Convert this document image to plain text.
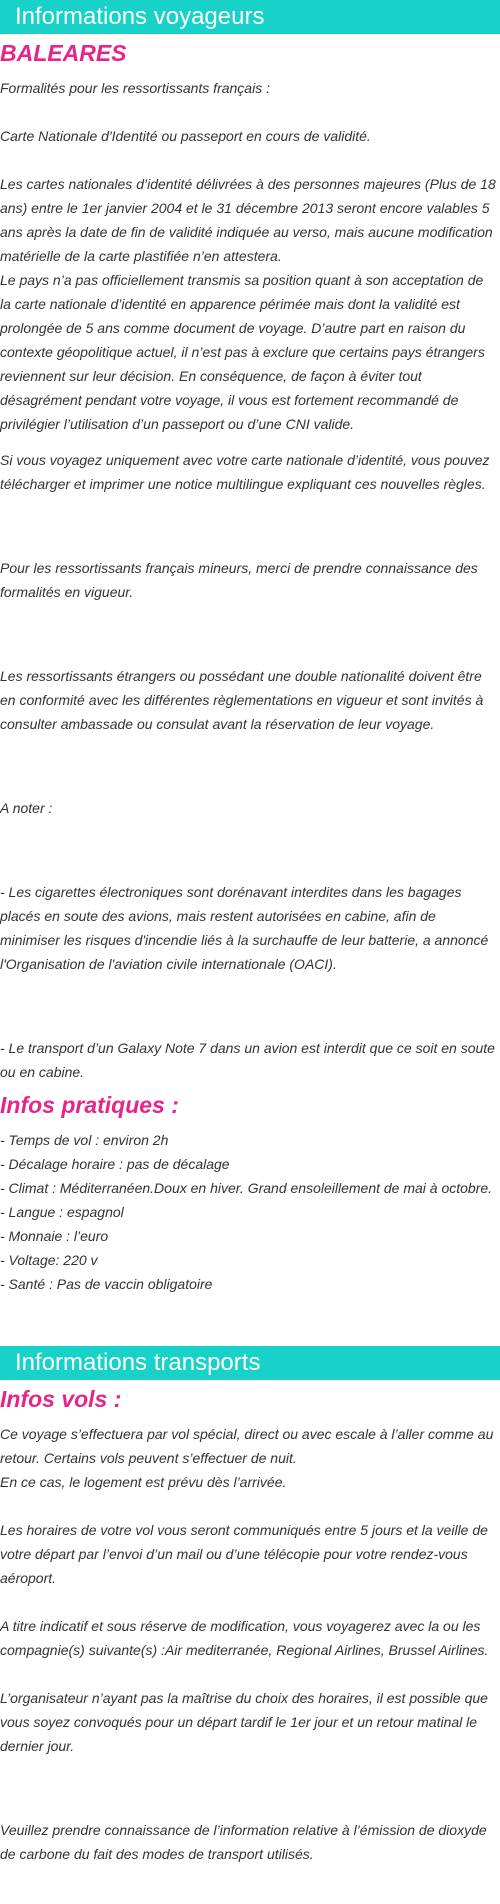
Informations voyageurs
BALEARES

Formalités pour les ressortissants français :

Carte Nationale d'Identité ou passeport en cours de validité.

Les cartes nationales d’identité délivrées à des personnes majeures (Plus de 18 ans) entre le 1er janvier 2004 et le 31 décembre 2013 seront encore valables 5 ans après la date de fin de validité indiquée au verso, mais aucune modification matérielle de la carte plastifiée n’en attestera.

Le pays n’a pas officiellement transmis sa position quant à son acceptation de la carte nationale d’identité en apparence périmée mais dont la validité est prolongée de 5 ans comme document de voyage. D’autre part en raison du contexte géopolitique actuel, il n’est pas à exclure que certains pays étrangers reviennent sur leur décision. En conséquence, de façon à éviter tout désagrément pendant votre voyage, il vous est fortement recommandé de privilégier l’utilisation d’un passeport ou d’une CNI valide.

Si vous voyagez uniquement avec votre carte nationale d’identité, vous pouvez télécharger et imprimer une notice multilingue expliquant ces nouvelles règles.

Pour les ressortissants français mineurs, merci de prendre connaissance des formalités en vigueur.

Les ressortissants étrangers ou possédant une double nationalité doivent être en conformité avec les différentes règlementations en vigueur et sont invités à consulter ambassade ou consulat avant la réservation de leur voyage.

A noter :

- Les cigarettes électroniques sont dorénavant interdites dans les bagages placés en soute des avions, mais restent autorisées en cabine, afin de minimiser les risques d'incendie liés à la surchauffe de leur batterie, a annoncé l'Organisation de l'aviation civile internationale (OACI).

- Le transport d’un Galaxy Note 7 dans un avion est interdit que ce soit en soute ou en cabine.

Infos pratiques :

- Temps de vol : environ 2h

- Décalage horaire : pas de décalage

- Climat : Méditerranéen.Doux en hiver. Grand ensoleillement de mai à octobre.

- Langue : espagnol

- Monnaie : l’euro

- Voltage: 220 v

- Santé : Pas de vaccin obligatoire

Informations transports
Infos vols :

Ce voyage s’effectuera par vol spécial, direct ou avec escale à l’aller comme au retour. Certains vols peuvent s’effectuer de nuit.

En ce cas, le logement est prévu dès l’arrivée.

Les horaires de votre vol vous seront communiqués entre 5 jours et la veille de votre départ par l’envoi d’un mail ou d’une télécopie pour votre rendez-vous aéroport.

A titre indicatif et sous réserve de modification, vous voyagerez avec la ou les compagnie(s) suivante(s) :Air mediterranée, Regional Airlines, Brussel Airlines.

L’organisateur n’ayant pas la maîtrise du choix des horaires, il est possible que vous soyez convoqués pour un départ tardif le 1er jour et un retour matinal le dernier jour.

Veuillez prendre connaissance de l’information relative à l’émission de dioxyde de carbone du fait des modes de transport utilisés.
